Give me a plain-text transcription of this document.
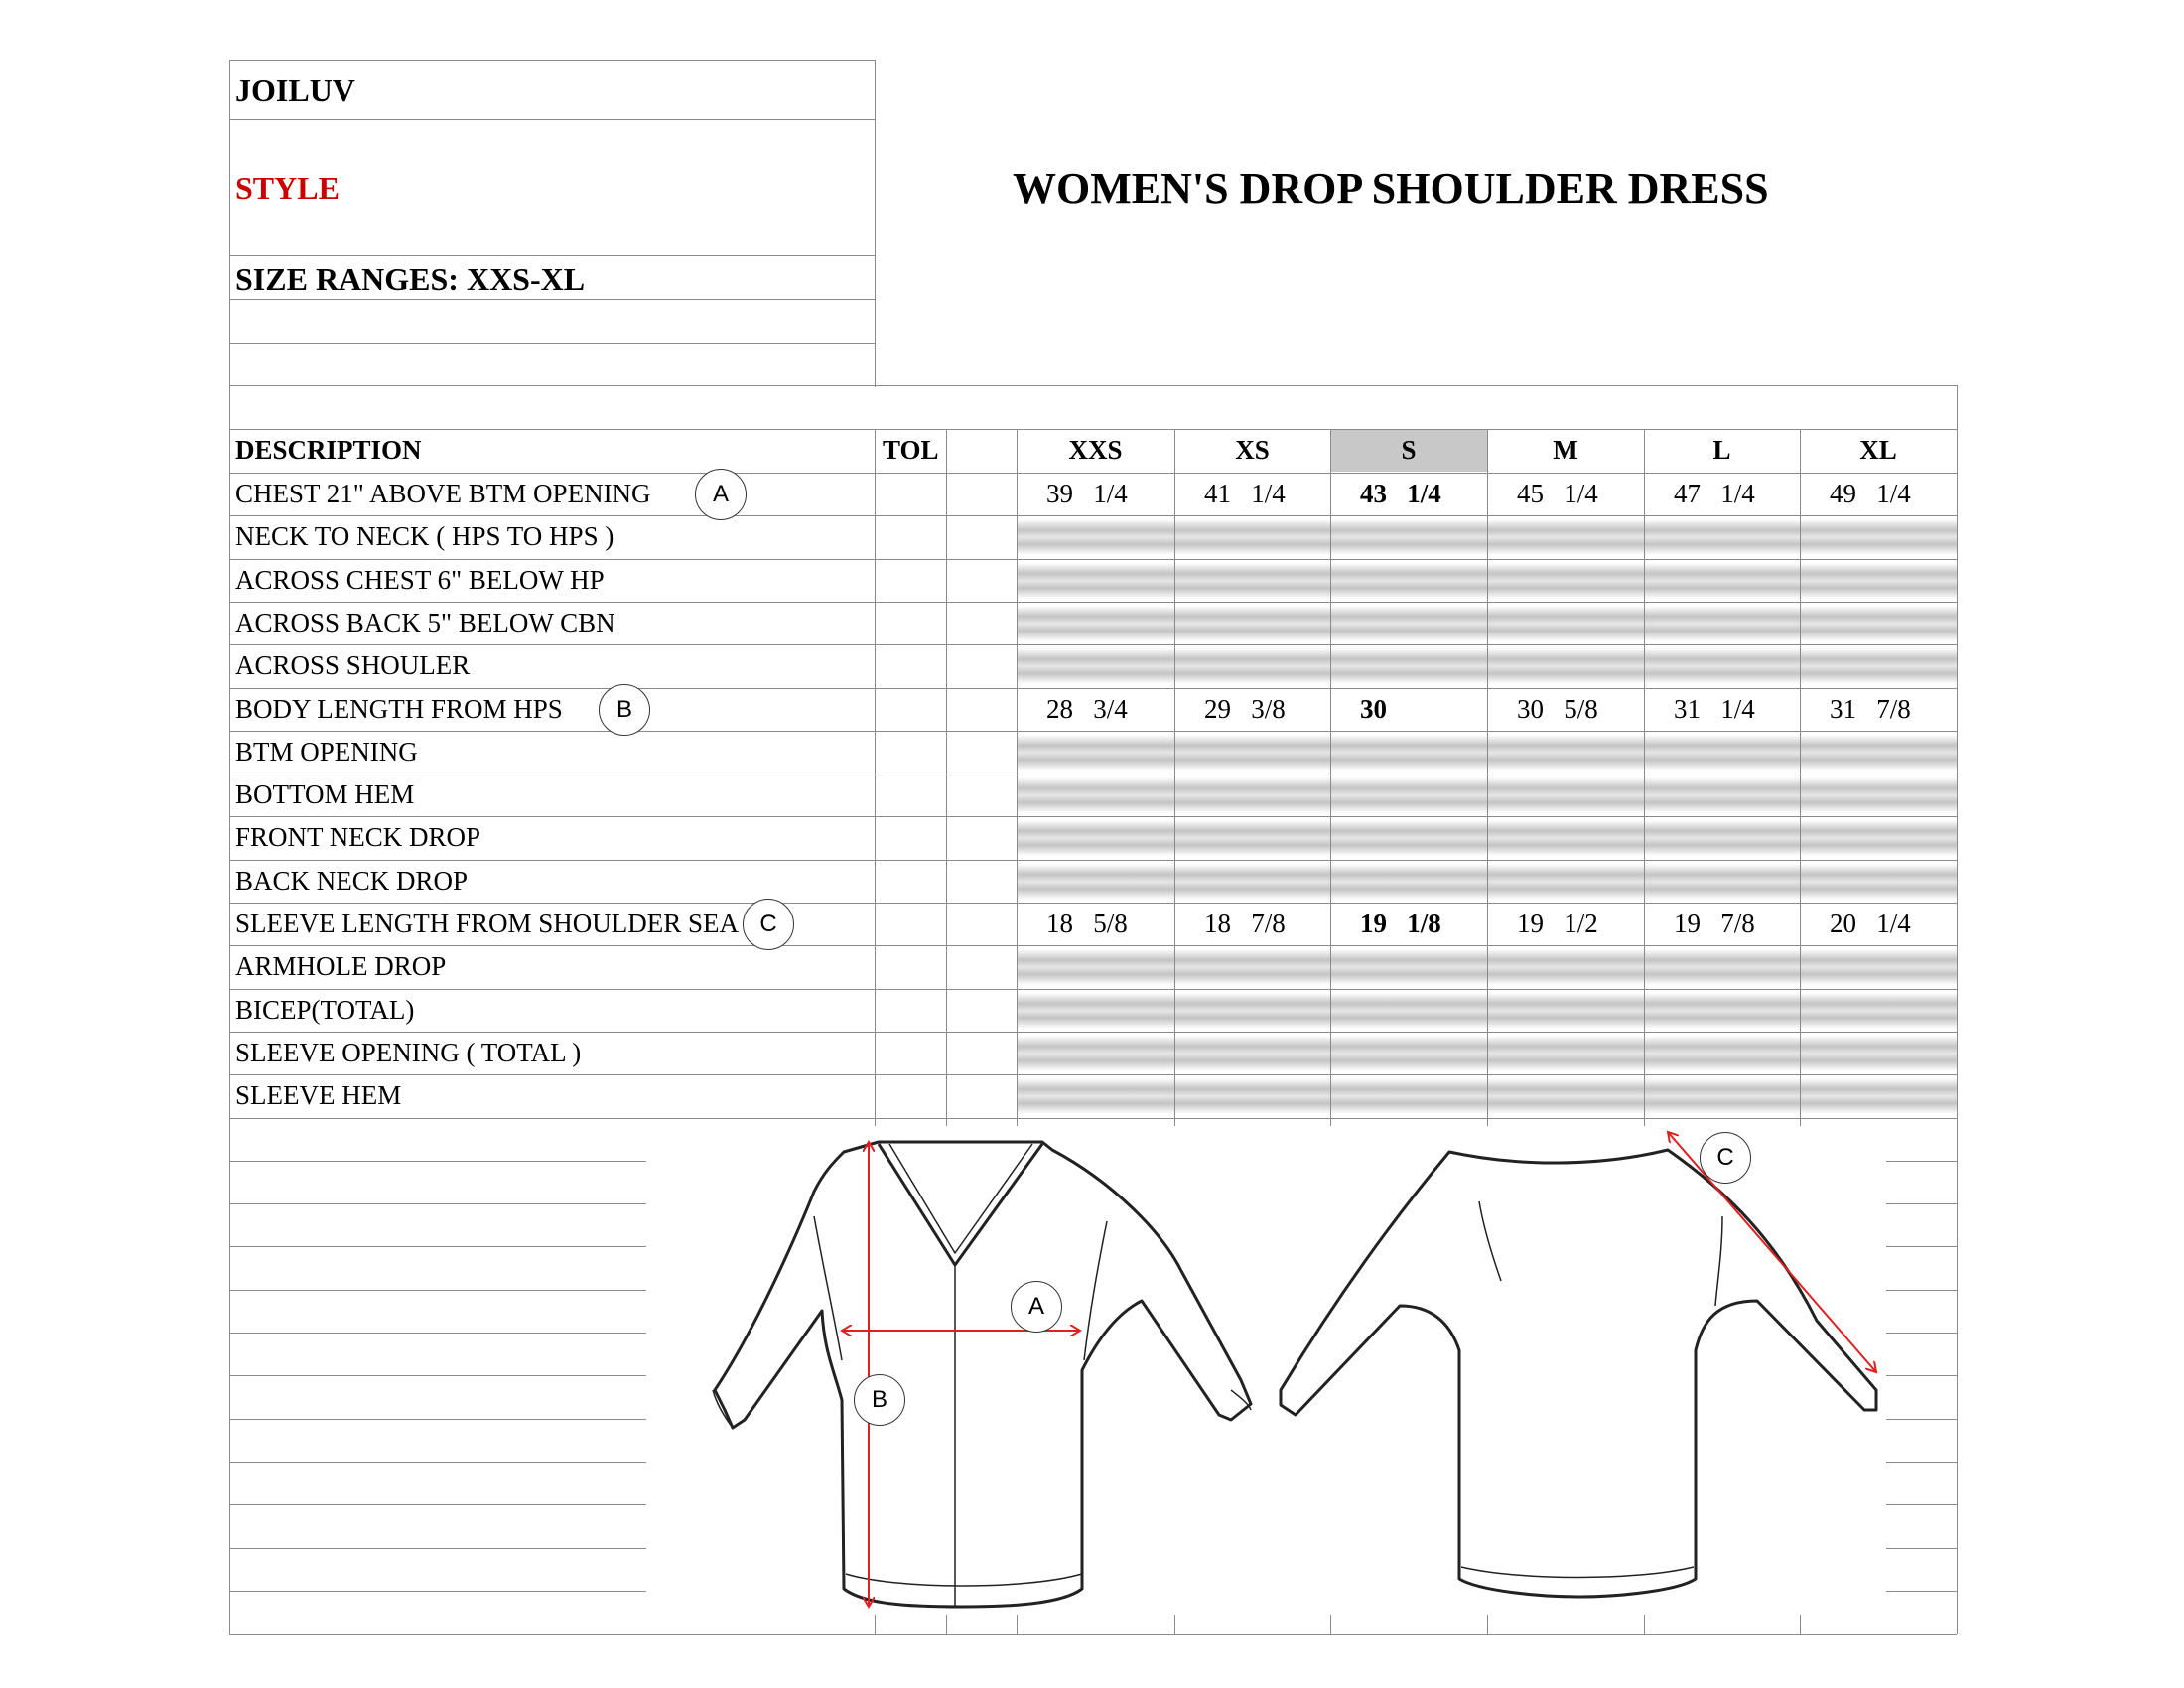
JOILUV
STYLE
SIZE RANGES: XXS-XL
WOMEN'S DROP SHOULDER DRESS
DESCRIPTION	TOL	XXS	XS	S	M	L	XL
CHEST 21" ABOVE BTM OPENING	A	39   1/4	41   1/4	43   1/4	45   1/4	47   1/4	49   1/4
NECK TO NECK ( HPS TO HPS )
ACROSS CHEST 6" BELOW HP
ACROSS BACK 5" BELOW CBN
ACROSS SHOULER
BODY LENGTH FROM HPS	B	28   3/4	29   3/8	30	30   5/8	31   1/4	31   7/8
BTM OPENING
BOTTOM HEM
FRONT NECK DROP
BACK NECK DROP
SLEEVE LENGTH FROM SHOULDER SEA C	18   5/8	18   7/8	19   1/8	19   1/2	19   7/8	20   1/4
ARMHOLE DROP
BICEP(TOTAL)
SLEEVE OPENING ( TOTAL )
SLEEVE HEM
A
B
C
